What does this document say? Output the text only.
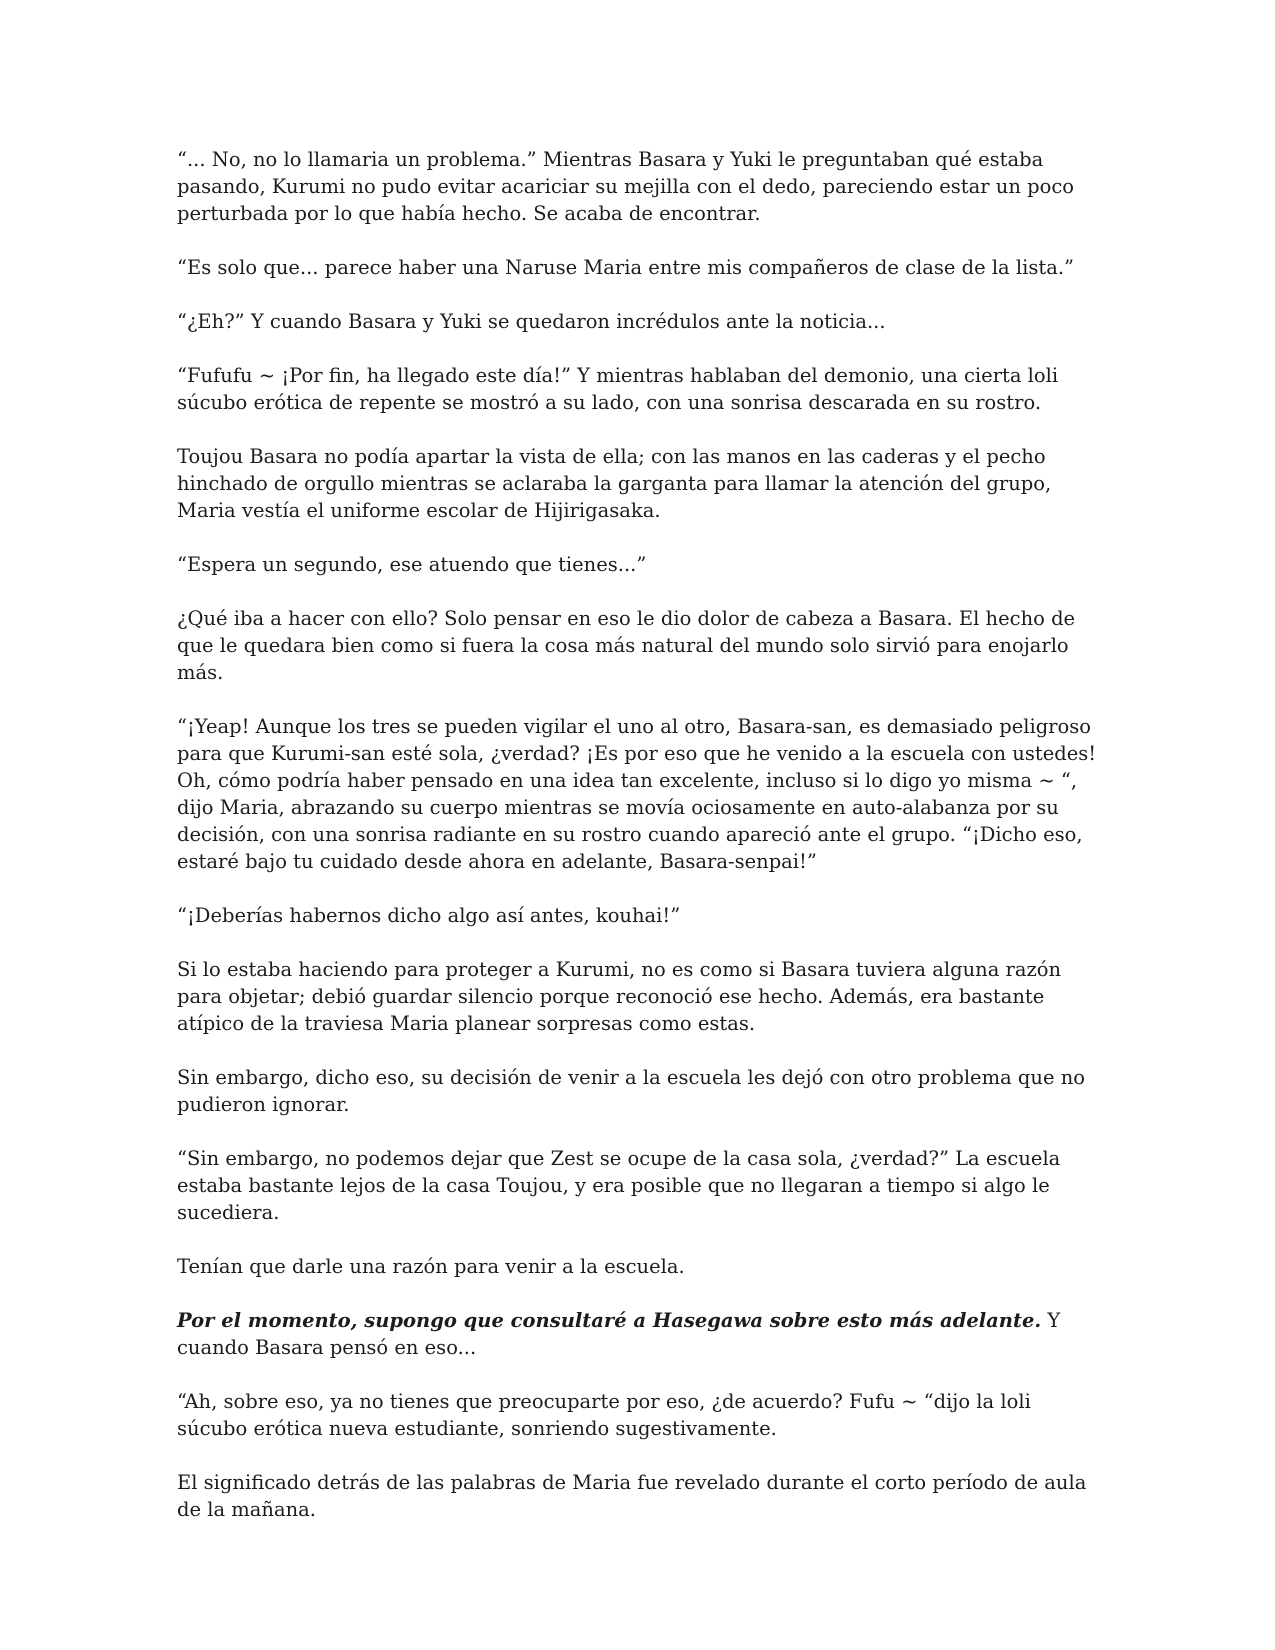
“... No, no lo llamaria un problema.” Mientras Basara y Yuki le preguntaban qué estaba pasando, Kurumi no pudo evitar acariciar su mejilla con el dedo, pareciendo estar un poco perturbada por lo que había hecho. Se acaba de encontrar.

“Es solo que... parece haber una Naruse Maria entre mis compañeros de clase de la lista.”

“¿Eh?” Y cuando Basara y Yuki se quedaron incrédulos ante la noticia...

“Fufufu ~ ¡Por fin, ha llegado este día!” Y mientras hablaban del demonio, una cierta loli súcubo erótica de repente se mostró a su lado, con una sonrisa descarada en su rostro.

Toujou Basara no podía apartar la vista de ella; con las manos en las caderas y el pecho hinchado de orgullo mientras se aclaraba la garganta para llamar la atención del grupo, Maria vestía el uniforme escolar de Hijirigasaka.

“Espera un segundo, ese atuendo que tienes...”

¿Qué iba a hacer con ello? Solo pensar en eso le dio dolor de cabeza a Basara. El hecho de que le quedara bien como si fuera la cosa más natural del mundo solo sirvió para enojarlo más.

“¡Yeap! Aunque los tres se pueden vigilar el uno al otro, Basara-san, es demasiado peligroso para que Kurumi-san esté sola, ¿verdad? ¡Es por eso que he venido a la escuela con ustedes! Oh, cómo podría haber pensado en una idea tan excelente, incluso si lo digo yo misma ~ “, dijo Maria, abrazando su cuerpo mientras se movía ociosamente en auto-alabanza por su decisión, con una sonrisa radiante en su rostro cuando apareció ante el grupo. “¡Dicho eso, estaré bajo tu cuidado desde ahora en adelante, Basara-senpai!”

“¡Deberías habernos dicho algo así antes, kouhai!”

Si lo estaba haciendo para proteger a Kurumi, no es como si Basara tuviera alguna razón para objetar; debió guardar silencio porque reconoció ese hecho. Además, era bastante atípico de la traviesa Maria planear sorpresas como estas.

Sin embargo, dicho eso, su decisión de venir a la escuela les dejó con otro problema que no pudieron ignorar.

“Sin embargo, no podemos dejar que Zest se ocupe de la casa sola, ¿verdad?” La escuela estaba bastante lejos de la casa Toujou, y era posible que no llegaran a tiempo si algo le sucediera.

Tenían que darle una razón para venir a la escuela.

Por el momento, supongo que consultaré a Hasegawa sobre esto más adelante. Y cuando Basara pensó en eso...

“Ah, sobre eso, ya no tienes que preocuparte por eso, ¿de acuerdo? Fufu ~ “dijo la loli súcubo erótica nueva estudiante, sonriendo sugestivamente.

El significado detrás de las palabras de Maria fue revelado durante el corto período de aula de la mañana.
